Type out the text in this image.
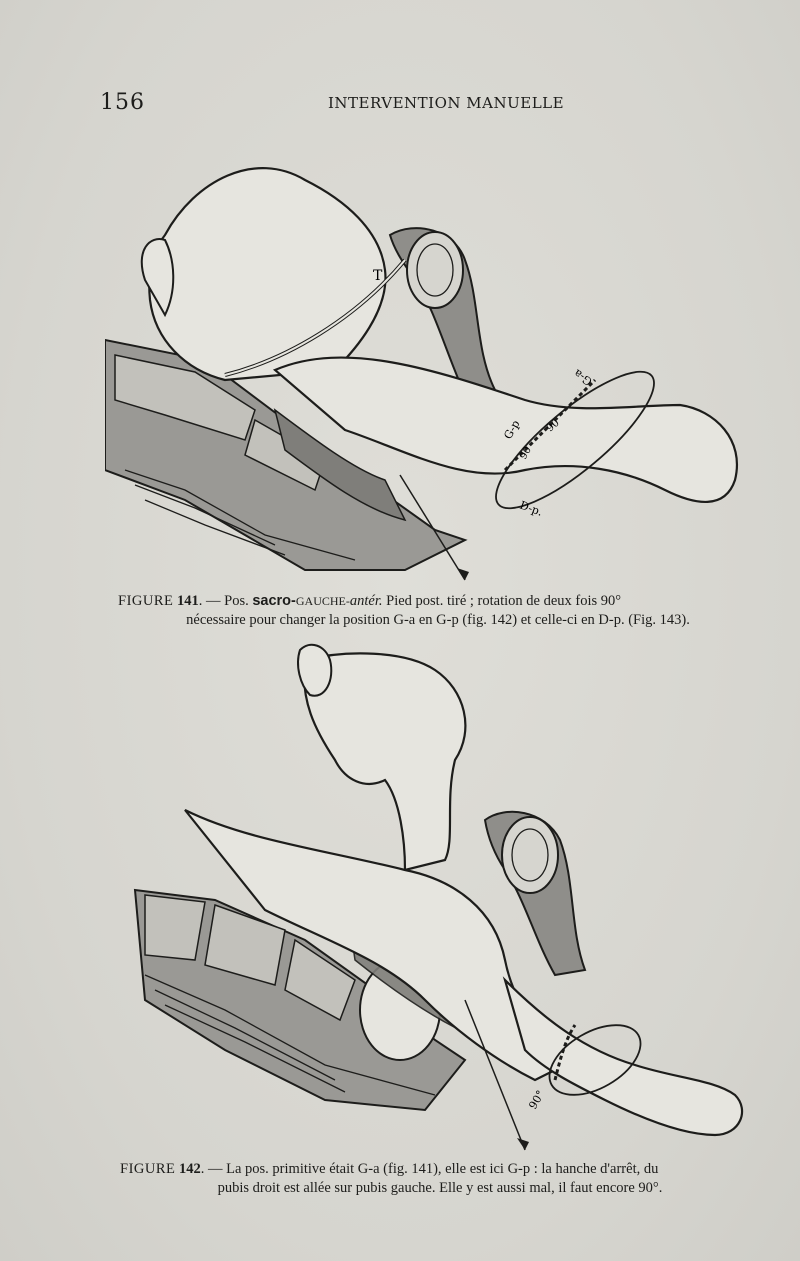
156	INTERVENTION MANUELLE
T
G-a
G-p 90
90
D-p.
FIGURE 141. — Pos. sacro-GAUCHE-antér. Pied post. tiré ; rotation de deux fois 90°
nécessaire pour changer la position G-a en G-p (fig. 142) et celle-ci en D-p. (Fig. 143).
90°
FIGURE 142. — La pos. primitive était G-a (fig. 141), elle est ici G-p : la hanche d'arrêt, du
pubis droit est allée sur pubis gauche. Elle y est aussi mal, il faut encore 90°.
